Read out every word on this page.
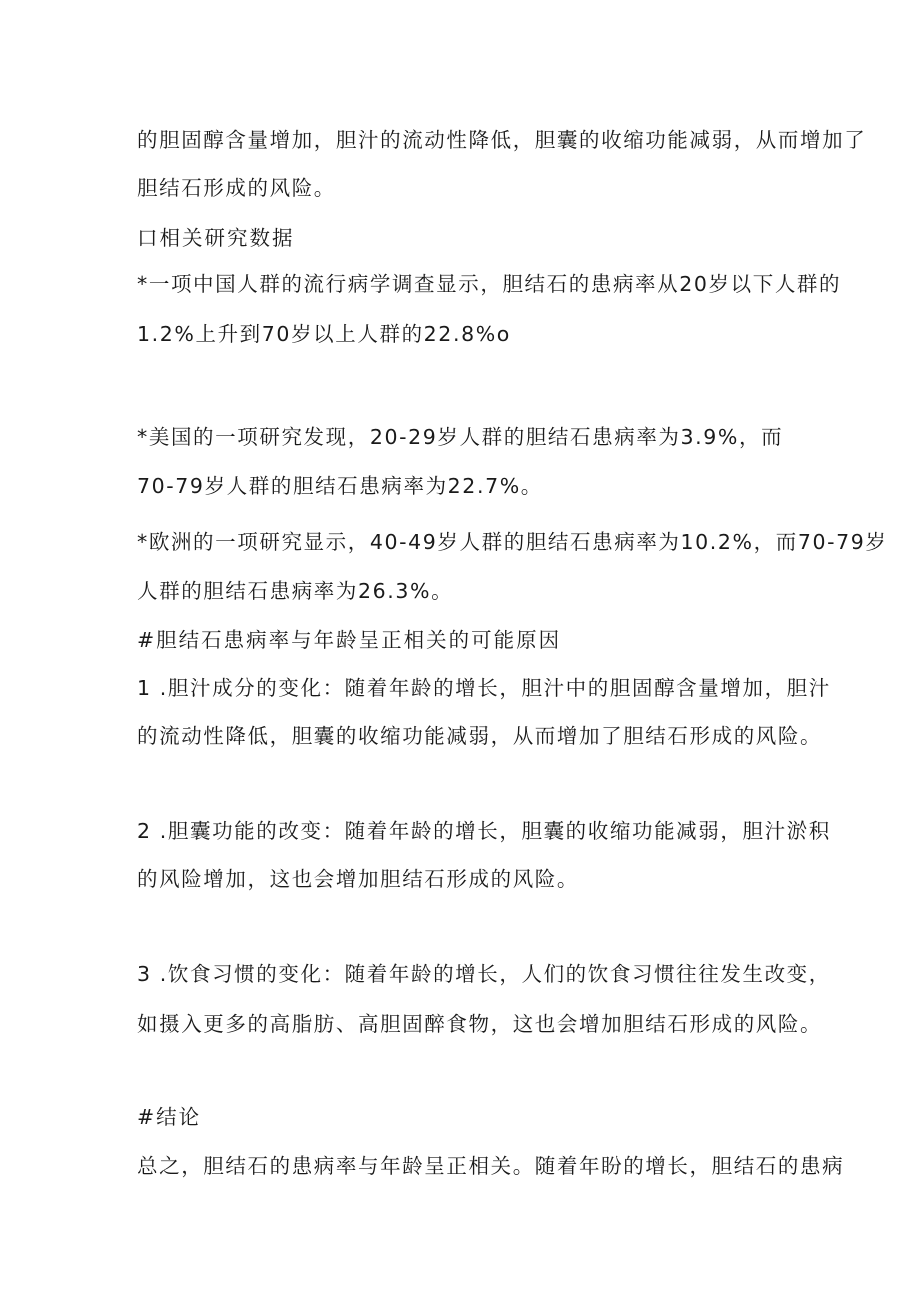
的胆固醇含量增加，胆汁的流动性降低，胆囊的收缩功能减弱，从而增加了
胆结石形成的风险。
口相关研究数据
*一项中国人群的流行病学调查显示，胆结石的患病率从20岁以下人群的
1.2%上升到70岁以上人群的22.8%o
*美国的一项研究发现，20-29岁人群的胆结石患病率为3.9%，而
70-79岁人群的胆结石患病率为22.7%。
*欧洲的一项研究显示，40-49岁人群的胆结石患病率为10.2%，而70-79岁
人群的胆结石患病率为26.3%。
#胆结石患病率与年龄呈正相关的可能原因
1 .胆汁成分的变化：随着年龄的增长，胆汁中的胆固醇含量增加，胆汁
的流动性降低，胆囊的收缩功能减弱，从而增加了胆结石形成的风险。
2 .胆囊功能的改变：随着年龄的增长，胆囊的收缩功能减弱，胆汁淤积
的风险增加，这也会增加胆结石形成的风险。
3 .饮食习惯的变化：随着年龄的增长，人们的饮食习惯往往发生改变，
如摄入更多的高脂肪、高胆固醉食物，这也会增加胆结石形成的风险。
#结论
总之，胆结石的患病率与年龄呈正相关。随着年盼的增长，胆结石的患病
